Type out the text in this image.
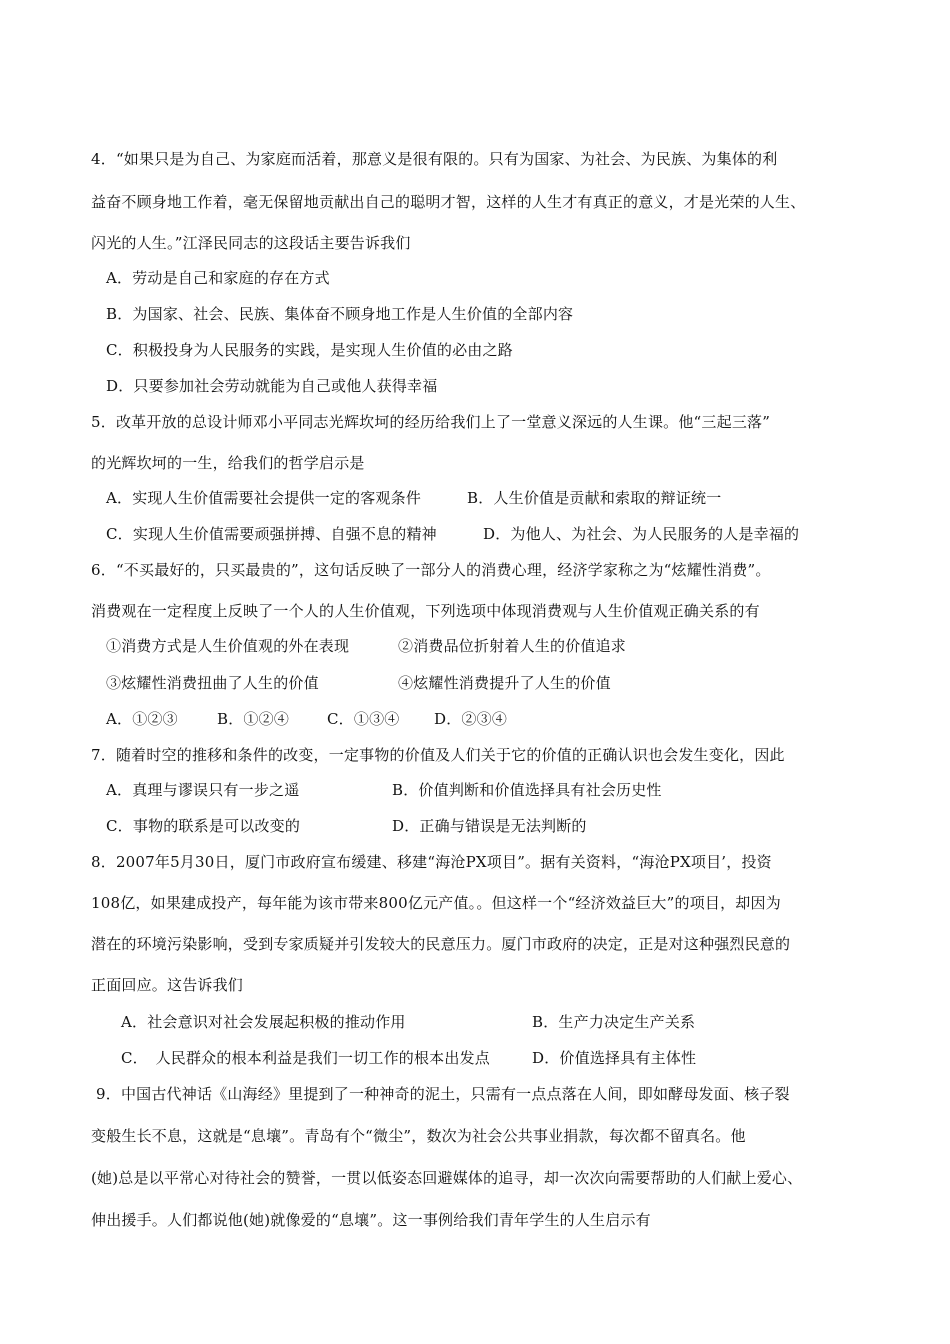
4．“如果只是为自己、为家庭而活着，那意义是很有限的。只有为国家、为社会、为民族、为集体的利
益奋不顾身地工作着，毫无保留地贡献出自己的聪明才智，这样的人生才有真正的意义，才是光荣的人生、
闪光的人生。”江泽民同志的这段话主要告诉我们
A．劳动是自己和家庭的存在方式
B．为国家、社会、民族、集体奋不顾身地工作是人生价值的全部内容
C．积极投身为人民服务的实践，是实现人生价值的必由之路
D．只要参加社会劳动就能为自己或他人获得幸福
5．改革开放的总设计师邓小平同志光辉坎坷的经历给我们上了一堂意义深远的人生课。他“三起三落”
的光辉坎坷的一生，给我们的哲学启示是
A．实现人生价值需要社会提供一定的客观条件	B．人生价值是贡献和索取的辩证统一
C．实现人生价值需要顽强拼搏、自强不息的精神	D．为他人、为社会、为人民服务的人是幸福的
6．“不买最好的，只买最贵的”，这句话反映了一部分人的消费心理，经济学家称之为“炫耀性消费”。
消费观在一定程度上反映了一个人的人生价值观，下列选项中体现消费观与人生价值观正确关系的有
①消费方式是人生价值观的外在表现	②消费品位折射着人生的价值追求
③炫耀性消费扭曲了人生的价值	④炫耀性消费提升了人生的价值
A．①②③	B．①②④	C．①③④ D．②③④
7．随着时空的推移和条件的改变，一定事物的价值及人们关于它的价值的正确认识也会发生变化，因此
A．真理与谬误只有一步之遥	B．价值判断和价值选择具有社会历史性
C．事物的联系是可以改变的	D．正确与错误是无法判断的
8．2007年5月30日，厦门市政府宣布缓建、移建“海沧PX项目”。据有关资料，“海沧PX项目’，投资
108亿，如果建成投产，每年能为该市带来800亿元产值。。但这样一个“经济效益巨大”的项目，却因为
潜在的环境污染影响，受到专家质疑并引发较大的民意压力。厦门市政府的决定，正是对这种强烈民意的
正面回应。这告诉我们
A．社会意识对社会发展起积极的推动作用	B．生产力决定生产关系
C．　人民群众的根本利益是我们一切工作的根本出发点	D．价值选择具有主体性
9．中国古代神话《山海经》里提到了一种神奇的泥土，只需有一点点落在人间，即如酵母发面、核子裂
变般生长不息，这就是“息壤”。青岛有个“微尘”，数次为社会公共事业捐款，每次都不留真名。他
(她)总是以平常心对待社会的赞誉，一贯以低姿态回避媒体的追寻，却一次次向需要帮助的人们献上爱心、
伸出援手。人们都说他(她)就像爱的“息壤”。这一事例给我们青年学生的人生启示有
